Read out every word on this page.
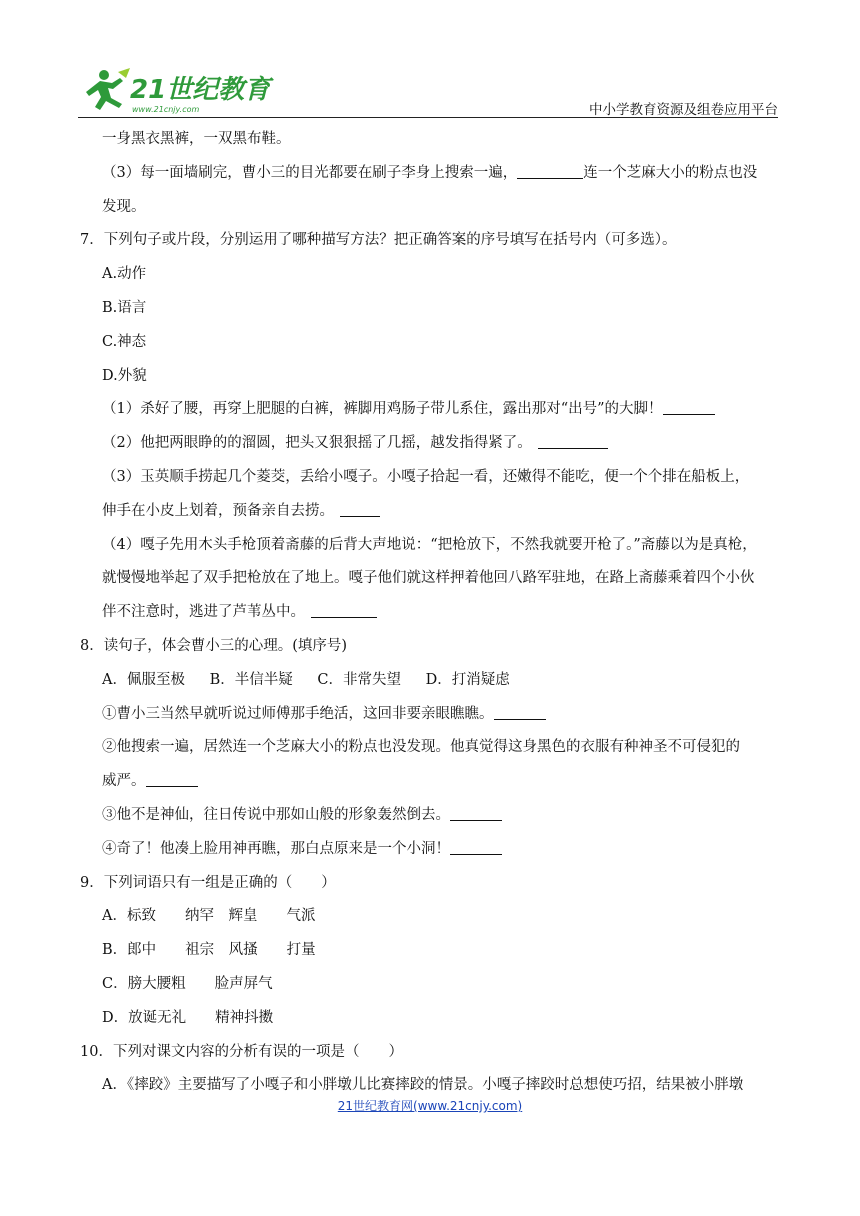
21世纪教育
www.21cnjy.com	中小学教育资源及组卷应用平台
一身黑衣黑裤，一双黑布鞋。
（3）每一面墙刷完，曹小三的目光都要在刷子李身上搜索一遍，	连一个芝麻大小的粉点也没
发现。
7．下列句子或片段，分别运用了哪种描写方法？把正确答案的序号填写在括号内（可多选）。
A.动作
B.语言
C.神态
D.外貌
（1）杀好了腰，再穿上肥腿的白裤，裤脚用鸡肠子带儿系住，露出那对“出号”的大脚！
（2）他把两眼睁的的溜圆，把头又狠狠摇了几摇，越发指得紧了。
（3）玉英顺手捞起几个菱茭，丢给小嘎子。小嘎子拾起一看，还嫩得不能吃，便一个个排在船板上，
伸手在小皮上划着，预备亲自去捞。
（4）嘎子先用木头手枪顶着斋藤的后背大声地说：“把枪放下，不然我就要开枪了。”斋藤以为是真枪，
就慢慢地举起了双手把枪放在了地上。嘎子他们就这样押着他回八路军驻地，在路上斋藤乘着四个小伙
伴不注意时，逃进了芦苇丛中。
8．读句子，体会曹小三的心理。(填序号)
A．佩服至极 B．半信半疑 C．非常失望 D．打消疑虑
①曹小三当然早就听说过师傅那手绝活，这回非要亲眼瞧瞧。
②他搜索一遍，居然连一个芝麻大小的粉点也没发现。他真觉得这身黑色的衣服有种神圣不可侵犯的
威严。
③他不是神仙，往日传说中那如山般的形象轰然倒去。
④奇了！他凑上脸用神再瞧，那白点原来是一个小洞！
9．下列词语只有一组是正确的（　　）
A．标致　　纳罕　辉皇　　气派
B．郎中　　祖宗　风搔　　打量
C．膀大腰粗　　脸声屏气
D．放诞无礼　　精神抖擞
10．下列对课文内容的分析有误的一项是（　　）
A．《摔跤》主要描写了小嘎子和小胖墩儿比赛摔跤的情景。小嘎子摔跤时总想使巧招，结果被小胖墩
21世纪教育网(www.21cnjy.com)
